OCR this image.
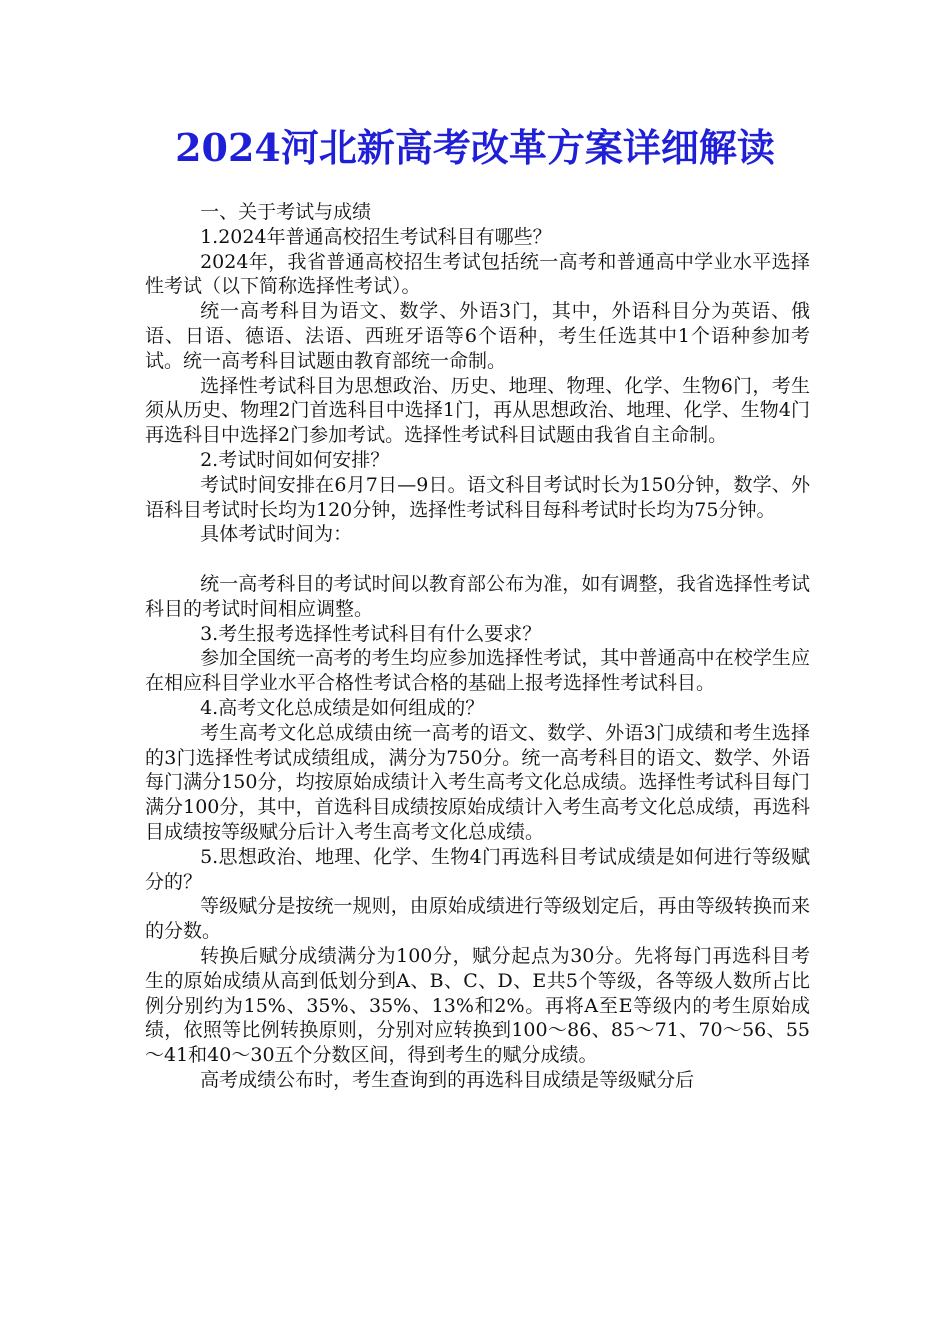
2024河北新高考改革方案详细解读

一、关于考试与成绩

1.2024年普通高校招生考试科目有哪些？

2024年，我省普通高校招生考试包括统一高考和普通高中学业水平选择性考试（以下简称选择性考试）。

统一高考科目为语文、数学、外语3门，其中，外语科目分为英语、俄语、日语、德语、法语、西班牙语等6个语种，考生任选其中1个语种参加考试。统一高考科目试题由教育部统一命制。

选择性考试科目为思想政治、历史、地理、物理、化学、生物6门，考生须从历史、物理2门首选科目中选择1门，再从思想政治、地理、化学、生物4门再选科目中选择2门参加考试。选择性考试科目试题由我省自主命制。

2.考试时间如何安排？

考试时间安排在6月7日—9日。语文科目考试时长为150分钟，数学、外语科目考试时长均为120分钟，选择性考试科目每科考试时长均为75分钟。

具体考试时间为：

统一高考科目的考试时间以教育部公布为准，如有调整，我省选择性考试科目的考试时间相应调整。

3.考生报考选择性考试科目有什么要求？

参加全国统一高考的考生均应参加选择性考试，其中普通高中在校学生应在相应科目学业水平合格性考试合格的基础上报考选择性考试科目。

4.高考文化总成绩是如何组成的？

考生高考文化总成绩由统一高考的语文、数学、外语3门成绩和考生选择的3门选择性考试成绩组成，满分为750分。统一高考科目的语文、数学、外语每门满分150分，均按原始成绩计入考生高考文化总成绩。选择性考试科目每门满分100分，其中，首选科目成绩按原始成绩计入考生高考文化总成绩，再选科目成绩按等级赋分后计入考生高考文化总成绩。

5.思想政治、地理、化学、生物4门再选科目考试成绩是如何进行等级赋分的？

等级赋分是按统一规则，由原始成绩进行等级划定后，再由等级转换而来的分数。

转换后赋分成绩满分为100分，赋分起点为30分。先将每门再选科目考生的原始成绩从高到低划分到A、B、C、D、E共5个等级，各等级人数所占比例分别约为15%、35%、35%、13%和2%。再将A至E等级内的考生原始成绩，依照等比例转换原则，分别对应转换到100～86、85～71、70～56、55～41和40～30五个分数区间，得到考生的赋分成绩。

高考成绩公布时，考生查询到的再选科目成绩是等级赋分后
